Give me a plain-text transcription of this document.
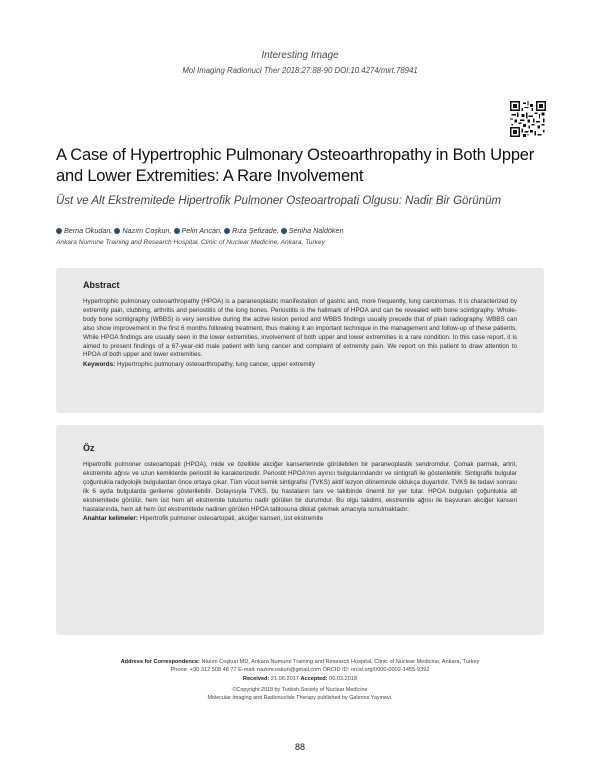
Interesting Image
Mol Imaging Radionucl Ther 2018;27:88-90 DOI:10.4274/mirt.78941
A Case of Hypertrophic Pulmonary Osteoarthropathy in Both Upper and Lower Extremities: A Rare Involvement
Üst ve Alt Ekstremitede Hipertrofik Pulmoner Osteoartropati Olgusu: Nadir Bir Görünüm
Berna Okudan, Nazım Coşkun, Pelin Arıcan, Rıza Şefizade, Seniha Naldöken
Ankara Numune Training and Research Hospital, Clinic of Nuclear Medicine, Ankara, Turkey
Abstract

Hypertrophic pulmonary osteoarthropathy (HPOA) is a paraneoplastic manifestation of gastric and, more frequently, lung carcinomas. It is characterized by extremity pain, clubbing, arthritis and periostitis of the long bones. Periostitis is the hallmark of HPOA and can be revealed with bone scintigraphy. Whole-body bone scintigraphy (WBBS) is very sensitive during the active lesion period and WBBS findings usually precede that of plain radiography. WBBS can also show improvement in the first 6 months following treatment, thus making it an important technique in the management and follow-up of these patients. While HPOA findings are usually seen in the lower extremities, involvement of both upper and lower extremities is a rare condition. In this case report, it is aimed to present findings of a 67-year-old male patient with lung cancer and complaint of extremity pain. We report on this patient to draw attention to HPOA of both upper and lower extremities.

Keywords: Hypertrophic pulmonary osteoarthropathy, lung cancer, upper extremity
Öz

Hipertrofik pulmoner osteoartopati (HPOA), mide ve özellikle akciğer kanserlerinde görülebilen bir paraneoplastik sendromdur. Çomak parmak, artrit, ekstremite ağrısı ve uzun kemiklerde periostit ile karakterizedir. Periostit HPOA'nın ayırıcı bulgularındandır ve sintigrafi ile gösterilebilir. Sintigrafik bulgular çoğunlukla radyolojik bulgulardan önce ortaya çıkar. Tüm vücut kemik sintigrafisi (TVKS) aktif lezyon döneminde oldukça duyarlıdır. TVKS ile tedavi sonrası ilk 6 ayda bulgularda gerileme gösterilebilir. Dolayısıyla TVKS, bu hastaların tanı ve takibinde önemli bir yer tutar. HPOA bulguları çoğunlukla alt ekstremitede görülür, hem üst hem alt ekstremite tutulumu nadir görülen bir durumdur. Bu olgu takdimi, ekstremite ağrısı ile başvuran akciğer kanseri hastalarında, hem alt hem üst ekstremitede nadiren görülen HPOA tablosuna dikkat çekmek amacıyla sunulmaktadır.

Anahtar kelimeler: Hipertrofik pulmoner osteoartopati, akciğer kanseri, üst ekstremite
Address for Correspondence: Nazım Coşkun MD, Ankara Numune Training and Research Hospital, Clinic of Nuclear Medicine, Ankara, Turkey
Phone: +90 312 508 48 77 E-mail: nazimcoskun@gmail.com ORCID ID: orcid.org/0000-0002-1455-9392
Received: 21.06.2017 Accepted: 06.03.2018
©Copyright 2018 by Turkish Society of Nuclear Medicine
Molecular Imaging and Radionuclide Therapy published by Galenos Yayınevi.
88
